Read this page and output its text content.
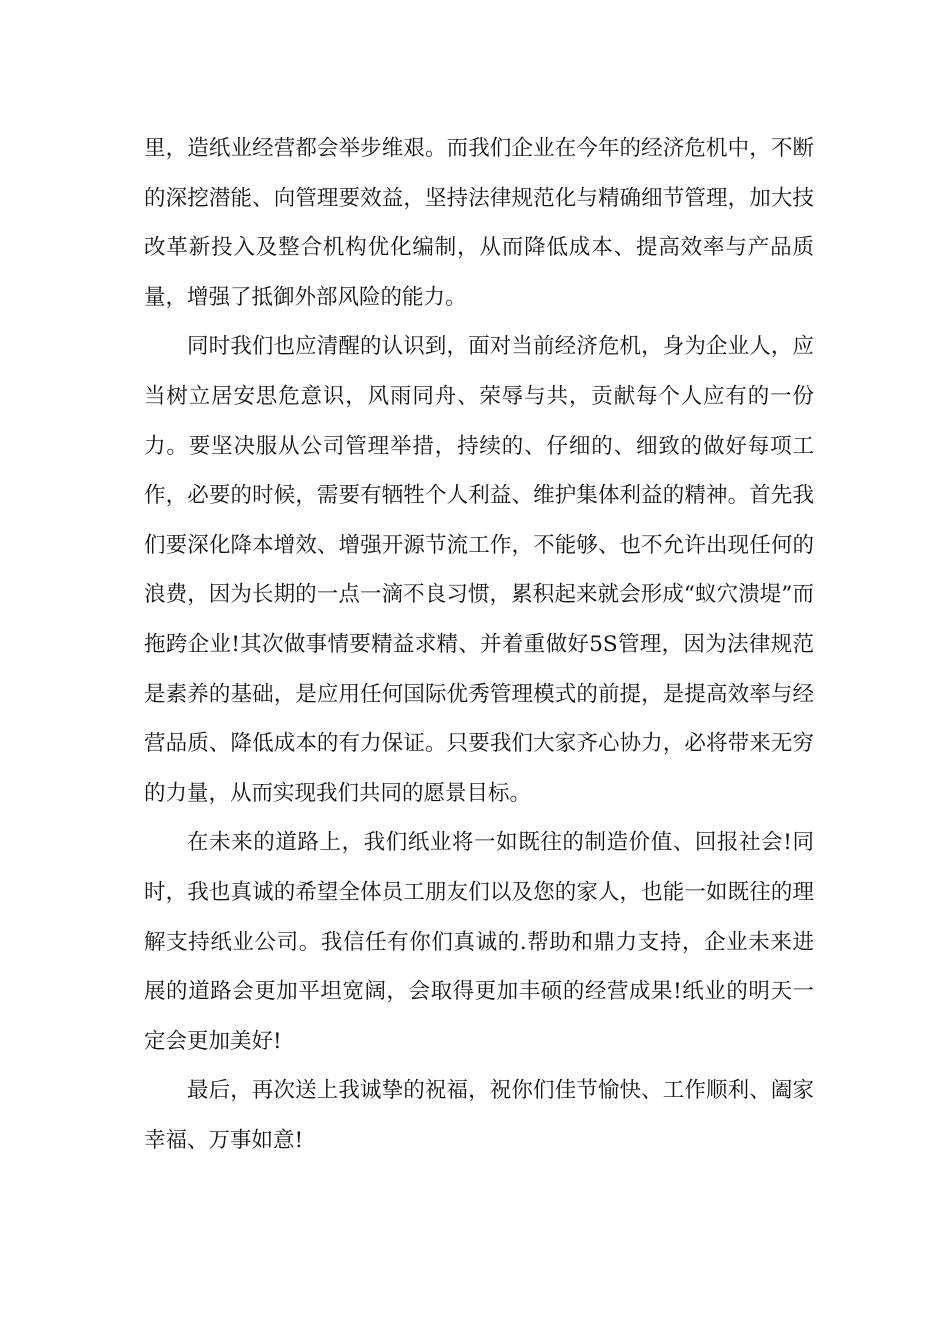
里，造纸业经营都会举步维艰。而我们企业在今年的经济危机中，不断的深挖潜能、向管理要效益，坚持法律规范化与精确细节管理，加大技改革新投入及整合机构优化编制，从而降低成本、提高效率与产品质量，增强了抵御外部风险的能力。

同时我们也应清醒的认识到，面对当前经济危机，身为企业人，应当树立居安思危意识，风雨同舟、荣辱与共，贡献每个人应有的一份力。要坚决服从公司管理举措，持续的、仔细的、细致的做好每项工作，必要的时候，需要有牺牲个人利益、维护集体利益的精神。首先我们要深化降本增效、增强开源节流工作，不能够、也不允许出现任何的浪费，因为长期的一点一滴不良习惯，累积起来就会形成“蚁穴溃堤”而拖跨企业!其次做事情要精益求精、并着重做好5S管理，因为法律规范是素养的基础，是应用任何国际优秀管理模式的前提，是提高效率与经营品质、降低成本的有力保证。只要我们大家齐心协力，必将带来无穷的力量，从而实现我们共同的愿景目标。

在未来的道路上，我们纸业将一如既往的制造价值、回报社会!同时，我也真诚的希望全体员工朋友们以及您的家人，也能一如既往的理解支持纸业公司。我信任有你们真诚的.帮助和鼎力支持，企业未来进展的道路会更加平坦宽阔，会取得更加丰硕的经营成果!纸业的明天一定会更加美好!

最后，再次送上我诚挚的祝福，祝你们佳节愉快、工作顺利、阖家幸福、万事如意!
